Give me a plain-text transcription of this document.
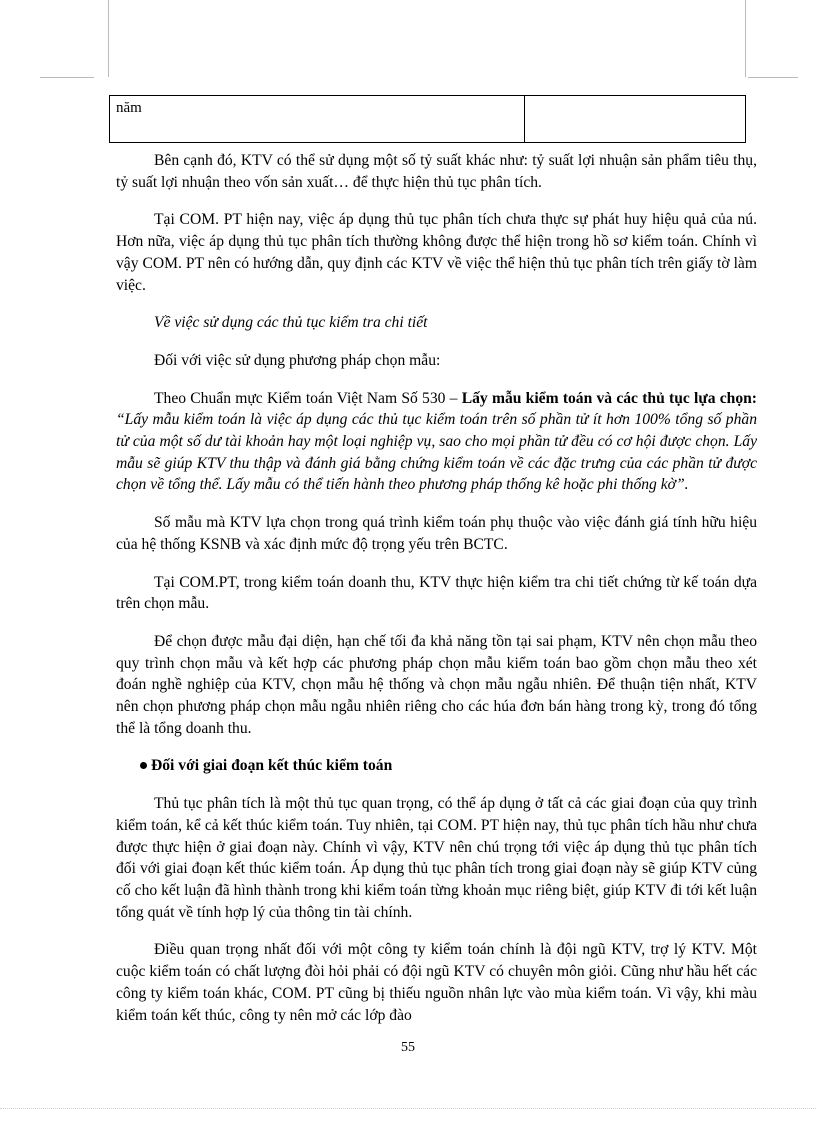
năm	

Bên cạnh đó, KTV có thể sử dụng một số tỷ suất khác như: tỷ suất lợi nhuận sản phẩm tiêu thụ, tỷ suất lợi nhuận theo vốn sản xuất… để thực hiện thủ tục phân tích.

Tại COM. PT hiện nay, việc áp dụng thủ tục phân tích chưa thực sự phát huy hiệu quả của nú. Hơn nữa, việc áp dụng thủ tục phân tích thường không được thể hiện trong hồ sơ kiểm toán. Chính vì vậy COM. PT nên có hướng dẫn, quy định các KTV về việc thể hiện thủ tục phân tích trên giấy tờ làm việc.

Về việc sử dụng các thủ tục kiểm tra chi tiết

Đối với việc sử dụng phương pháp chọn mẫu:

Theo Chuẩn mực Kiểm toán Việt Nam Số 530 – Lấy mẫu kiểm toán và các thủ tục lựa chọn: “Lấy mẫu kiểm toán là việc áp dụng các thủ tục kiểm toán trên số phần tử ít hơn 100% tổng số phần tử của một số dư tài khoản hay một loại nghiệp vụ, sao cho mọi phần tử đều có cơ hội được chọn. Lấy mẫu sẽ giúp KTV thu thập và đánh giá bằng chứng kiểm toán về các đặc trưng của các phần tử được chọn về tổng thể. Lấy mẫu có thể tiến hành theo phương pháp thống kê hoặc phi thống kờ”.

Số mẫu mà KTV lựa chọn trong quá trình kiểm toán phụ thuộc vào việc đánh giá tính hữu hiệu của hệ thống KSNB và xác định mức độ trọng yếu trên BCTC.

Tại COM.PT, trong kiểm toán doanh thu, KTV thực hiện kiểm tra chi tiết chứng từ kế toán dựa trên chọn mẫu.

Để chọn được mẫu đại diện, hạn chế tối đa khả năng tồn tại sai phạm, KTV nên chọn mẫu theo quy trình chọn mẫu và kết hợp các phương pháp chọn mẫu kiểm toán bao gồm chọn mẫu theo xét đoán nghề nghiệp của KTV, chọn mẫu hệ thống và chọn mẫu ngẫu nhiên. Để thuận tiện nhất, KTV nên chọn phương pháp chọn mẫu ngẫu nhiên riêng cho các húa đơn bán hàng trong kỳ, trong đó tổng thể là tổng doanh thu.

Đối với giai đoạn kết thúc kiểm toán

Thủ tục phân tích là một thủ tục quan trọng, có thể áp dụng ở tất cả các giai đoạn của quy trình kiểm toán, kể cả kết thúc kiểm toán. Tuy nhiên, tại COM. PT hiện nay, thủ tục phân tích hầu như chưa được thực hiện ở giai đoạn này. Chính vì vậy, KTV nên chú trọng tới việc áp dụng thủ tục phân tích đối với giai đoạn kết thúc kiểm toán. Áp dụng thủ tục phân tích trong giai đoạn này sẽ giúp KTV củng cố cho kết luận đã hình thành trong khi kiểm toán từng khoản mục riêng biệt, giúp KTV đi tới kết luận tổng quát về tính hợp lý của thông tin tài chính.

Điều quan trọng nhất đối với một công ty kiểm toán chính là đội ngũ KTV, trợ lý KTV. Một cuộc kiểm toán có chất lượng đòi hỏi phải có đội ngũ KTV có chuyên môn giỏi. Cũng như hầu hết các công ty kiểm toán khác, COM. PT cũng bị thiếu nguồn nhân lực vào mùa kiểm toán. Vì vậy, khi màu kiểm toán kết thúc, công ty nên mở các lớp đào

55
